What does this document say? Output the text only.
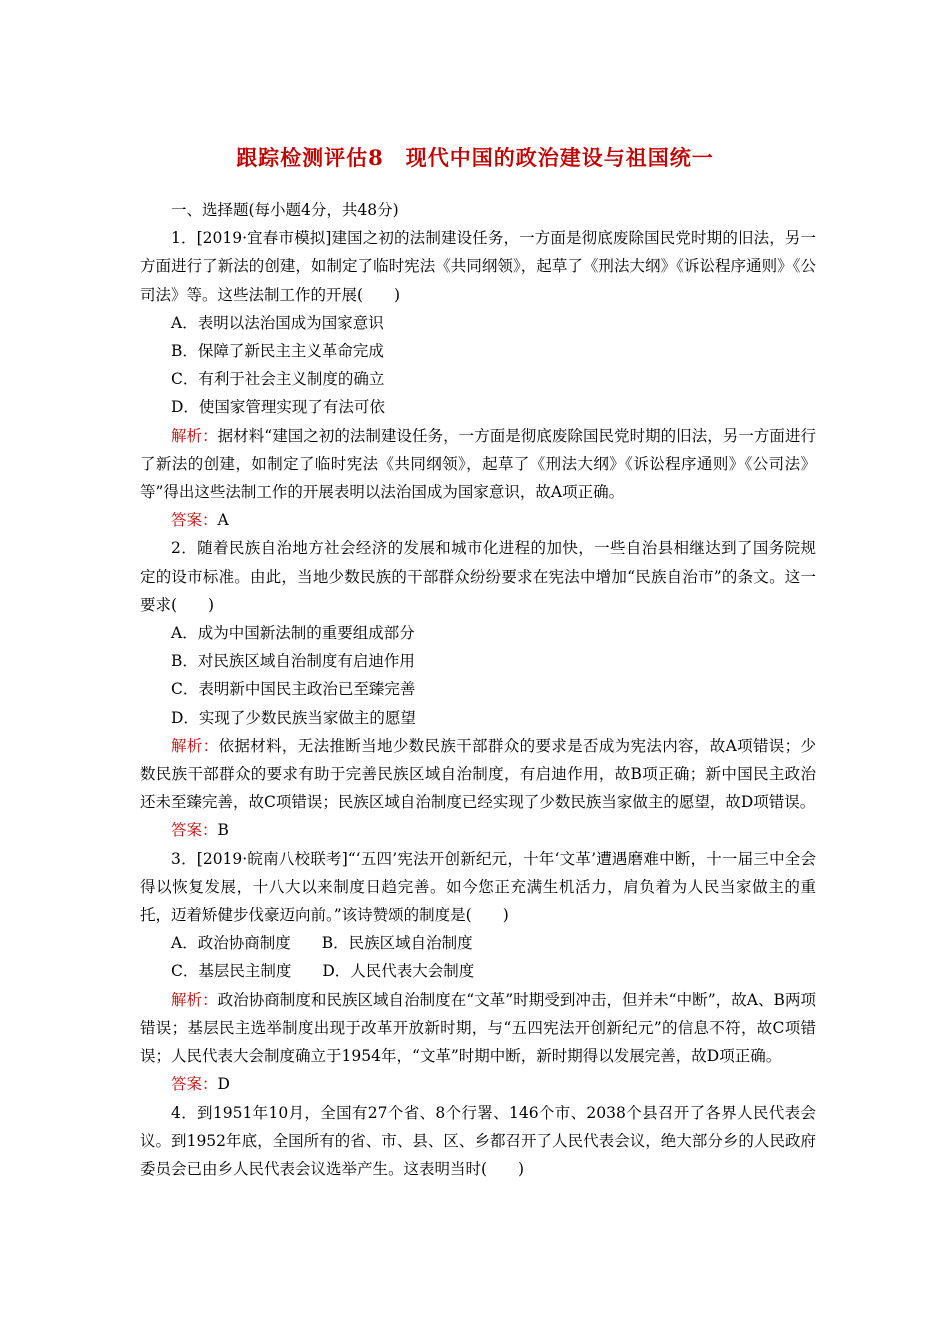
跟踪检测评估8　现代中国的政治建设与祖国统一

一、选择题(每小题4分，共48分)

1．[2019·宜春市模拟]建国之初的法制建设任务，一方面是彻底废除国民党时期的旧法，另一方面进行了新法的创建，如制定了临时宪法《共同纲领》，起草了《刑法大纲》《诉讼程序通则》《公司法》等。这些法制工作的开展(　　)

A．表明以法治国成为国家意识

B．保障了新民主主义革命完成

C．有利于社会主义制度的确立

D．使国家管理实现了有法可依

解析：据材料“建国之初的法制建设任务，一方面是彻底废除国民党时期的旧法，另一方面进行了新法的创建，如制定了临时宪法《共同纲领》，起草了《刑法大纲》《诉讼程序通则》《公司法》等”得出这些法制工作的开展表明以法治国成为国家意识，故A项正确。

答案：A

2．随着民族自治地方社会经济的发展和城市化进程的加快，一些自治县相继达到了国务院规定的设市标准。由此，当地少数民族的干部群众纷纷要求在宪法中增加“民族自治市”的条文。这一要求(　　)

A．成为中国新法制的重要组成部分

B．对民族区域自治制度有启迪作用

C．表明新中国民主政治已至臻完善

D．实现了少数民族当家做主的愿望

解析：依据材料，无法推断当地少数民族干部群众的要求是否成为宪法内容，故A项错误；少数民族干部群众的要求有助于完善民族区域自治制度，有启迪作用，故B项正确；新中国民主政治还未至臻完善，故C项错误；民族区域自治制度已经实现了少数民族当家做主的愿望，故D项错误。

答案：B

3．[2019·皖南八校联考]“‘五四’宪法开创新纪元，十年‘文革’遭遇磨难中断，十一届三中全会得以恢复发展，十八大以来制度日趋完善。如今您正充满生机活力，肩负着为人民当家做主的重托，迈着矫健步伐豪迈向前。”该诗赞颂的制度是(　　)

A．政治协商制度　　B．民族区域自治制度

C．基层民主制度　　D．人民代表大会制度

解析：政治协商制度和民族区域自治制度在“文革”时期受到冲击，但并未“中断”，故A、B两项错误；基层民主选举制度出现于改革开放新时期，与“五四宪法开创新纪元”的信息不符，故C项错误；人民代表大会制度确立于1954年，“文革”时期中断，新时期得以发展完善，故D项正确。

答案：D

4．到1951年10月，全国有27个省、8个行署、146个市、2038个县召开了各界人民代表会议。到1952年底，全国所有的省、市、县、区、乡都召开了人民代表会议，绝大部分乡的人民政府委员会已由乡人民代表会议选举产生。这表明当时(　　)
